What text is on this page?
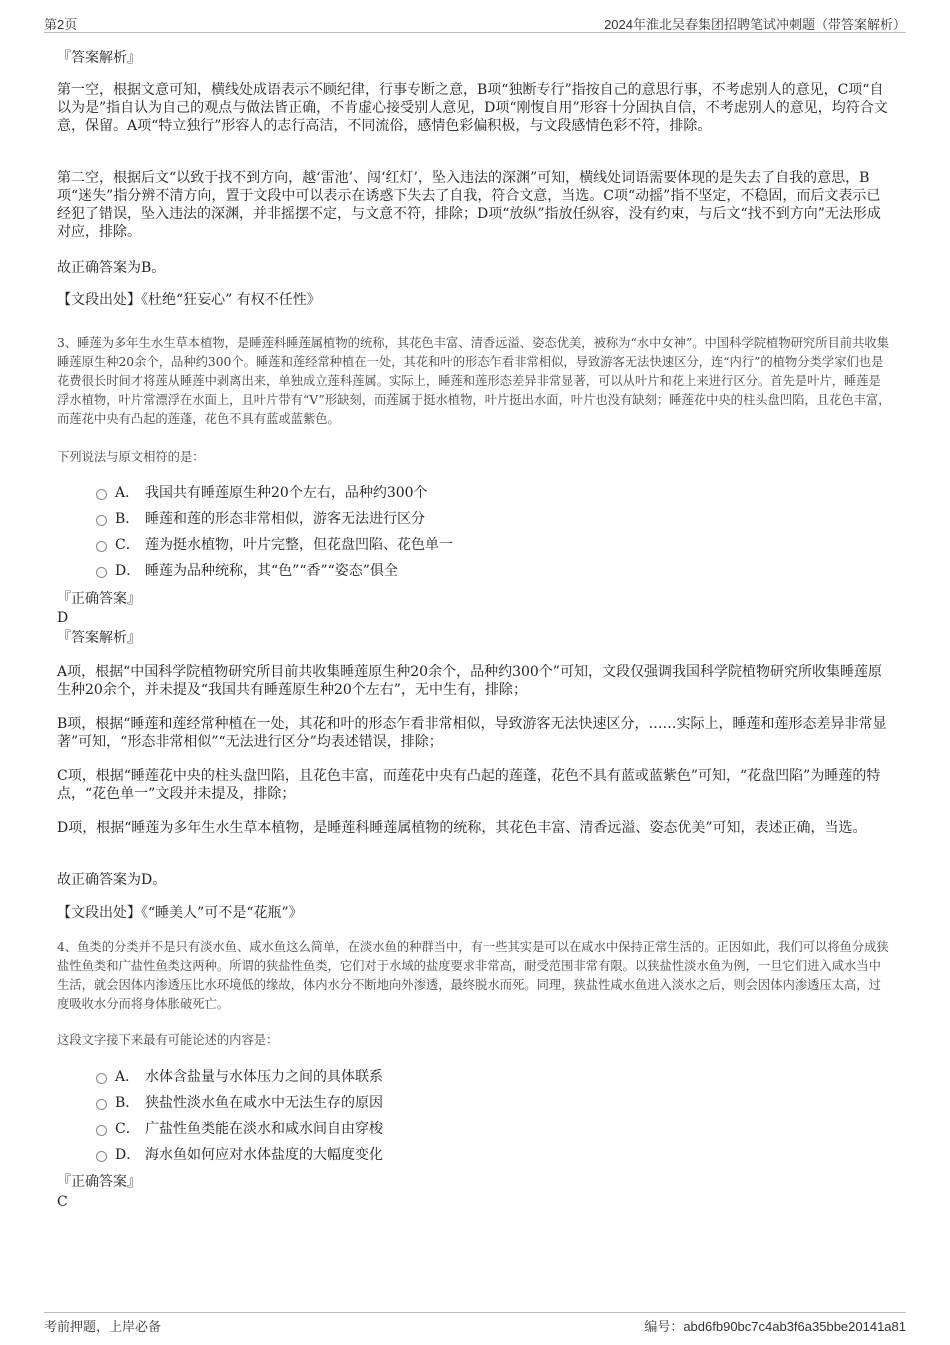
第2页	2024年淮北吴春集团招聘笔试冲刺题（带答案解析）

『答案解析』

第一空，根据文意可知，横线处成语表示不顾纪律，行事专断之意，B项“独断专行”指按自己的意思行事，不考虑别人的意见，C项“自以为是”指自认为自己的观点与做法皆正确，不肯虚心接受别人意见，D项“刚愎自用”形容十分固执自信，不考虑别人的意见，均符合文意，保留。A项“特立独行”形容人的志行高洁，不同流俗，感情色彩偏积极，与文段感情色彩不符，排除。

第二空，根据后文“以致于找不到方向，越‘雷池’、闯‘红灯’，坠入违法的深渊”可知，横线处词语需要体现的是失去了自我的意思，B项“迷失”指分辨不清方向，置于文段中可以表示在诱惑下失去了自我，符合文意，当选。C项“动摇”指不坚定，不稳固，而后文表示已经犯了错误，坠入违法的深渊，并非摇摆不定，与文意不符，排除；D项“放纵”指放任纵容，没有约束，与后文“找不到方向”无法形成对应，排除。

故正确答案为B。

【文段出处】《杜绝“狂妄心” 有权不任性》

3、睡莲为多年生水生草本植物，是睡莲科睡莲属植物的统称，其花色丰富、清香远溢、姿态优美，被称为“水中女神”。中国科学院植物研究所目前共收集睡莲原生种20余个，品种约300个。睡莲和莲经常种植在一处，其花和叶的形态乍看非常相似，导致游客无法快速区分，连“内行”的植物分类学家们也是花费很长时间才将莲从睡莲中剥离出来，单独成立莲科莲属。实际上，睡莲和莲形态差异非常显著，可以从叶片和花上来进行区分。首先是叶片，睡莲是浮水植物，叶片常漂浮在水面上，且叶片带有“V”形缺刻，而莲属于挺水植物，叶片挺出水面，叶片也没有缺刻；睡莲花中央的柱头盘凹陷，且花色丰富，而莲花中央有凸起的莲蓬，花色不具有蓝或蓝紫色。

下列说法与原文相符的是：

A． 我国共有睡莲原生种20个左右，品种约300个
B． 睡莲和莲的形态非常相似，游客无法进行区分
C． 莲为挺水植物，叶片完整，但花盘凹陷、花色单一
D． 睡莲为品种统称，其“色”“香”“姿态”俱全

『正确答案』

D

『答案解析』

A项，根据“中国科学院植物研究所目前共收集睡莲原生种20余个，品种约300个”可知，文段仅强调我国科学院植物研究所收集睡莲原生种20余个，并未提及“我国共有睡莲原生种20个左右”，无中生有，排除；

B项，根据“睡莲和莲经常种植在一处，其花和叶的形态乍看非常相似，导致游客无法快速区分，……实际上，睡莲和莲形态差异非常显著”可知，“形态非常相似”“无法进行区分”均表述错误，排除；

C项，根据“睡莲花中央的柱头盘凹陷，且花色丰富，而莲花中央有凸起的莲蓬，花色不具有蓝或蓝紫色”可知，“花盘凹陷”为睡莲的特点，“花色单一”文段并未提及，排除；

D项，根据“睡莲为多年生水生草本植物，是睡莲科睡莲属植物的统称，其花色丰富、清香远溢、姿态优美”可知，表述正确，当选。

故正确答案为D。

【文段出处】《“睡美人”可不是“花瓶”》

4、鱼类的分类并不是只有淡水鱼、咸水鱼这么简单，在淡水鱼的种群当中，有一些其实是可以在咸水中保持正常生活的。正因如此，我们可以将鱼分成狭盐性鱼类和广盐性鱼类这两种。所谓的狭盐性鱼类，它们对于水域的盐度要求非常高，耐受范围非常有限。以狭盐性淡水鱼为例，一旦它们进入咸水当中生活，就会因体内渗透压比水环境低的缘故，体内水分不断地向外渗透，最终脱水而死。同理，狭盐性咸水鱼进入淡水之后，则会因体内渗透压太高，过度吸收水分而将身体胀破死亡。

这段文字接下来最有可能论述的内容是：

A． 水体含盐量与水体压力之间的具体联系
B． 狭盐性淡水鱼在咸水中无法生存的原因
C． 广盐性鱼类能在淡水和咸水间自由穿梭
D． 海水鱼如何应对水体盐度的大幅度变化

『正确答案』

C

考前押题，上岸必备	编号：abd6fb90bc7c4ab3f6a35bbe20141a81
